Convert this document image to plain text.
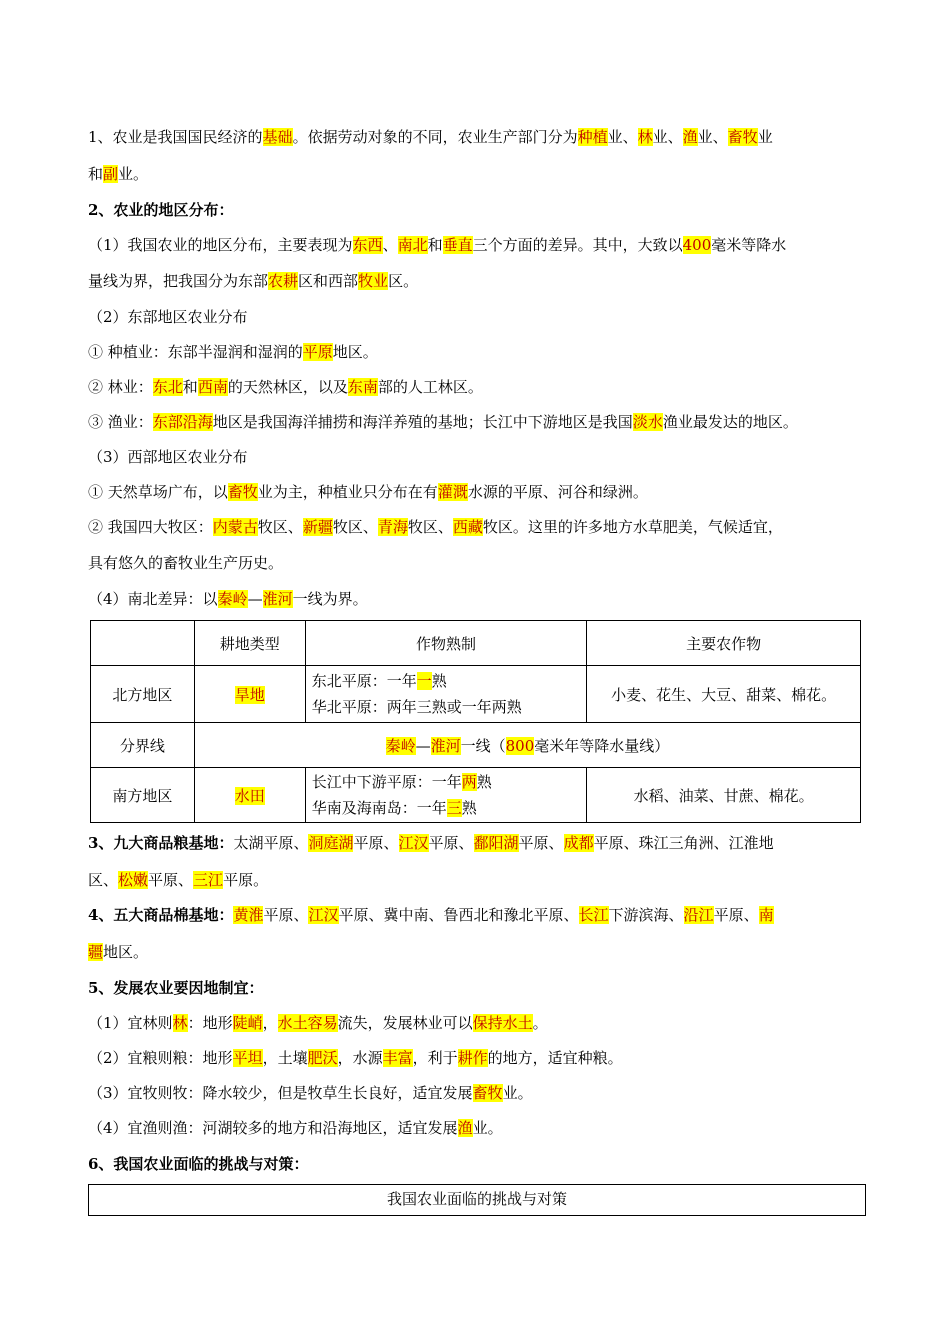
1、农业是我国国民经济的基础。依据劳动对象的不同，农业生产部门分为种植业、林业、渔业、畜牧业
和副业。
2、农业的地区分布：
（1）我国农业的地区分布，主要表现为东西、南北和垂直三个方面的差异。其中，大致以400毫米等降水
量线为界，把我国分为东部农耕区和西部牧业区。
（2）东部地区农业分布
① 种植业：东部半湿润和湿润的平原地区。
② 林业：东北和西南的天然林区，以及东南部的人工林区。
③ 渔业：东部沿海地区是我国海洋捕捞和海洋养殖的基地；长江中下游地区是我国淡水渔业最发达的地区。
（3）西部地区农业分布
① 天然草场广布，以畜牧业为主，种植业只分布在有灌溉水源的平原、河谷和绿洲。
② 我国四大牧区：内蒙古牧区、新疆牧区、青海牧区、西藏牧区。这里的许多地方水草肥美，气候适宜，
具有悠久的畜牧业生产历史。
（4）南北差异：以秦岭—淮河一线为界。
	耕地类型	作物熟制	主要农作物
北方地区	旱地	东北平原：一年一熟
华北平原：两年三熟或一年两熟	小麦、花生、大豆、甜菜、棉花。
分界线	秦岭—淮河一线（800毫米年等降水量线）		
南方地区	水田	长江中下游平原：一年两熟
华南及海南岛：一年三熟	水稻、油菜、甘蔗、棉花。
3、九大商品粮基地：太湖平原、洞庭湖平原、江汉平原、鄱阳湖平原、成都平原、珠江三角洲、江淮地
区、松嫩平原、三江平原。
4、五大商品棉基地：黄淮平原、江汉平原、冀中南、鲁西北和豫北平原、长江下游滨海、沿江平原、南
疆地区。
5、发展农业要因地制宜：
（1）宜林则林：地形陡峭，水土容易流失，发展林业可以保持水土。
（2）宜粮则粮：地形平坦，土壤肥沃，水源丰富，利于耕作的地方，适宜种粮。
（3）宜牧则牧：降水较少，但是牧草生长良好，适宜发展畜牧业。
（4）宜渔则渔：河湖较多的地方和沿海地区，适宜发展渔业。
6、我国农业面临的挑战与对策：
我国农业面临的挑战与对策
